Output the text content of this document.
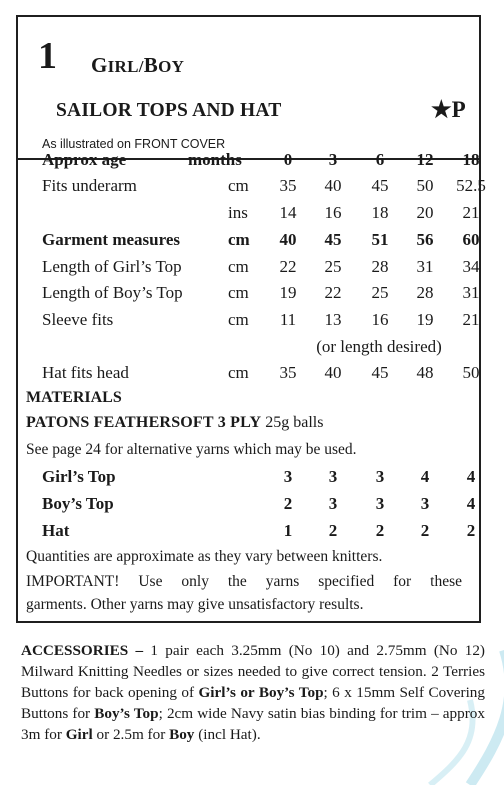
1 GIRL/BOY
SAILOR TOPS AND HAT	★P
As illustrated on FRONT COVER
Approx age	months 0 3 6 12 18
Fits underarm	cm 35 40 45 50 52.5
ins 14 16 18 20 21
Garment measures	cm 40 45 51 56 60
Length of Girl’s Top	cm 22 25 28 31 34
Length of Boy’s Top	cm 19 22 25 28 31
Sleeve fits	cm 11 13 16 19 21
(or length desired)
Hat fits head	cm 35 40 45 48 50
MATERIALS
PATONS FEATHERSOFT 3 PLY 25g balls
See page 24 for alternative yarns which may be used.
Girl’s Top	3 3 3 4 4
Boy’s Top	2 3 3 3 4
Hat	1 2 2 2 2
Quantities are approximate as they vary between knitters.
IMPORTANT! Use only the yarns specified for these
garments. Other yarns may give unsatisfactory results.
ACCESSORIES – 1 pair each 3.25mm (No 10) and 2.75mm (No 12) Milward Knitting Needles or sizes needed to give correct tension. 2 Terries Buttons for back opening of Girl’s or Boy’s Top; 6 x 15mm Self Covering Buttons for Boy’s Top; 2cm wide Navy satin bias binding for trim – approx 3m for Girl or 2.5m for Boy (incl Hat).
